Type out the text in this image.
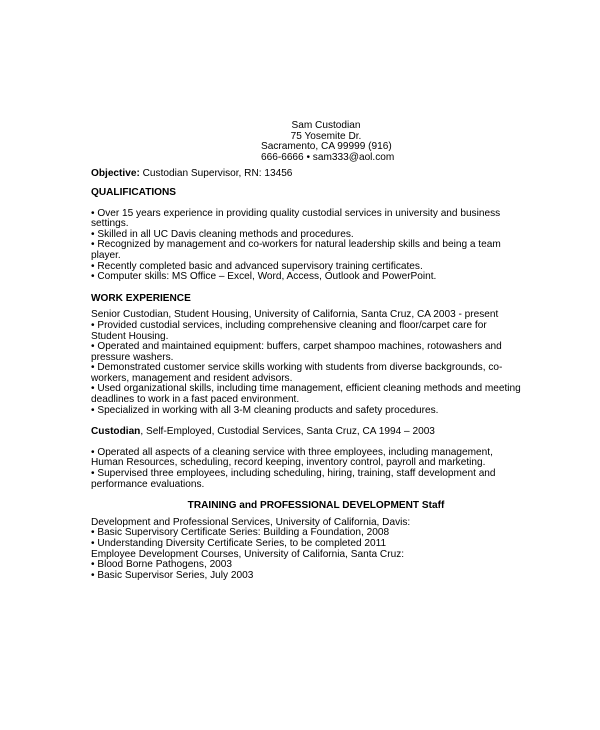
Sam Custodian
75 Yosemite Dr.
Sacramento, CA 99999 (916)
666-6666 • sam333@aol.com
Objective: Custodian Supervisor, RN: 13456
QUALIFICATIONS
• Over 15 years experience in providing quality custodial services in university and business settings.
• Skilled in all UC Davis cleaning methods and procedures.
• Recognized by management and co-workers for natural leadership skills and being a team player.
• Recently completed basic and advanced supervisory training certificates.
• Computer skills: MS Office – Excel, Word, Access, Outlook and PowerPoint.
WORK EXPERIENCE
Senior Custodian, Student Housing, University of California, Santa Cruz, CA 2003 - present
• Provided custodial services, including comprehensive cleaning and floor/carpet care for Student Housing.
• Operated and maintained equipment: buffers, carpet shampoo machines, rotowashers and pressure washers.
• Demonstrated customer service skills working with students from diverse backgrounds, co-workers, management and resident advisors.
• Used organizational skills, including time management, efficient cleaning methods and meeting deadlines to work in a fast paced environment.
• Specialized in working with all 3-M cleaning products and safety procedures.
Custodian, Self-Employed, Custodial Services, Santa Cruz, CA 1994 – 2003
• Operated all aspects of a cleaning service with three employees, including management, Human Resources, scheduling, record keeping, inventory control, payroll and marketing.
• Supervised three employees, including scheduling, hiring, training, staff development and performance evaluations.
TRAINING and PROFESSIONAL DEVELOPMENT Staff
Development and Professional Services, University of California, Davis:
• Basic Supervisory Certificate Series: Building a Foundation, 2008
• Understanding Diversity Certificate Series, to be completed 2011
Employee Development Courses, University of California, Santa Cruz:
• Blood Borne Pathogens, 2003
• Basic Supervisor Series, July 2003
